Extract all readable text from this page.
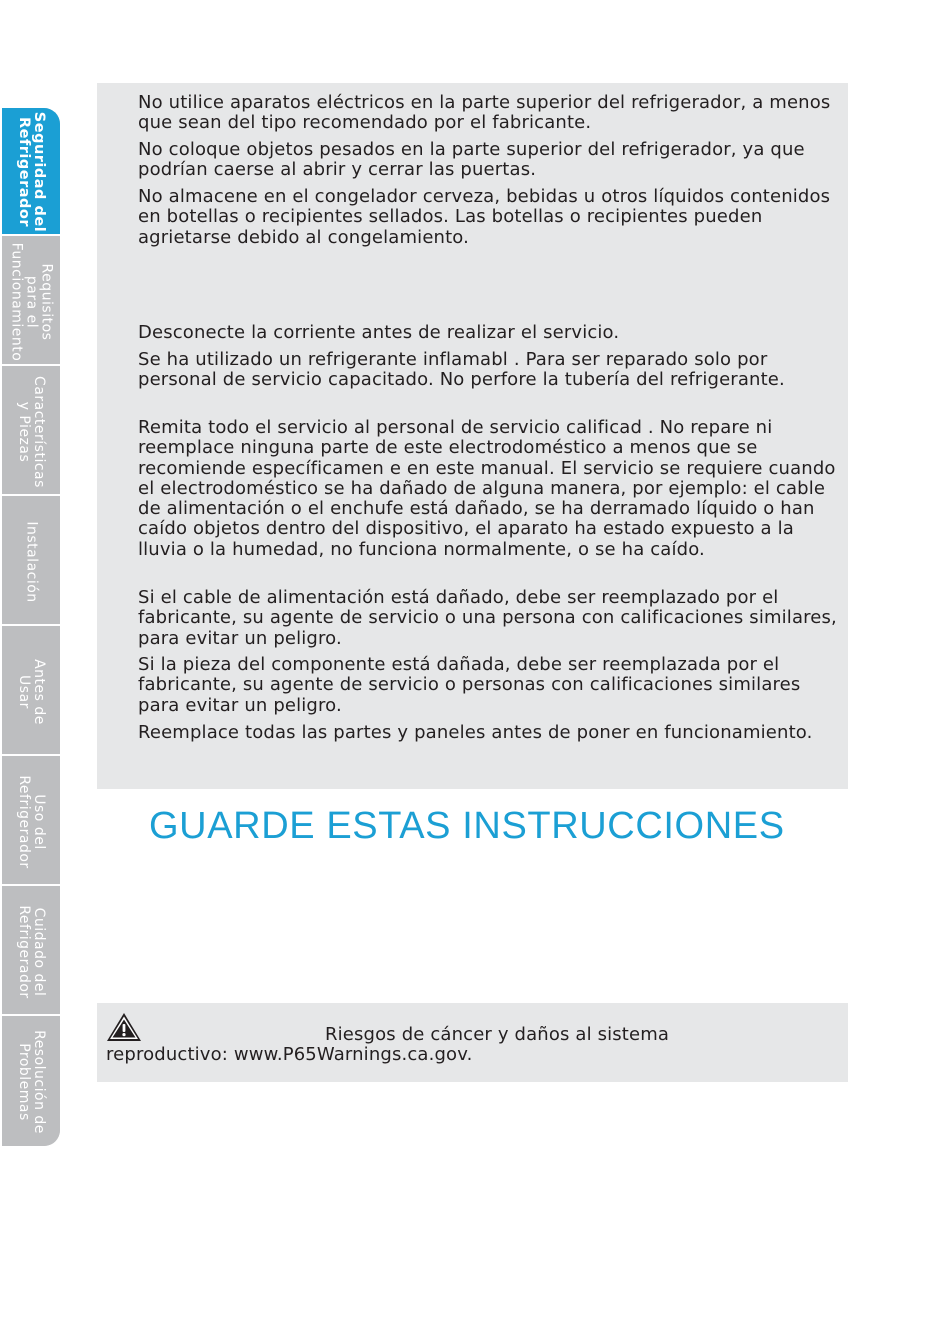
Seguridad del
Refrigerador
Requisitos
para el
Funcionamiento
Características
y Piezas
Instalación
Antes de
Usar
Uso del
Refrigerador
Cuidado del
Refrigerador
Resolución de
Problemas

No utilice aparatos eléctricos en la parte superior del refrigerador, a menos que sean del tipo recomendado por el fabricante.

No coloque objetos pesados en la parte superior del refrigerador, ya que podrían caerse al abrir y cerrar las puertas.

No almacene en el congelador cerveza, bebidas u otros líquidos contenidos en botellas o recipientes sellados. Las botellas o recipientes pueden agrietarse debido al congelamiento.

Desconecte la corriente antes de realizar el servicio.

Se ha utilizado un refrigerante inflamabl . Para ser reparado solo por personal de servicio capacitado. No perfore la tubería del refrigerante.

Remita todo el servicio al personal de servicio calificad . No repare ni reemplace ninguna parte de este electrodoméstico a menos que se recomiende específicamen e en este manual. El servicio se requiere cuando el electrodoméstico se ha dañado de alguna manera, por ejemplo: el cable de alimentación o el enchufe está dañado, se ha derramado líquido o han caído objetos dentro del dispositivo, el aparato ha estado expuesto a la lluvia o la humedad, no funciona normalmente, o se ha caído.

Si el cable de alimentación está dañado, debe ser reemplazado por el fabricante, su agente de servicio o una persona con calificaciones similares, para evitar un peligro.

Si la pieza del componente está dañada, debe ser reemplazada por el fabricante, su agente de servicio o personas con calificaciones similares para evitar un peligro.

Reemplace todas las partes y paneles antes de poner en funcionamiento.

GUARDE ESTAS INSTRUCCIONES

Riesgos de cáncer y daños al sistema

reproductivo: www.P65Warnings.ca.gov.
